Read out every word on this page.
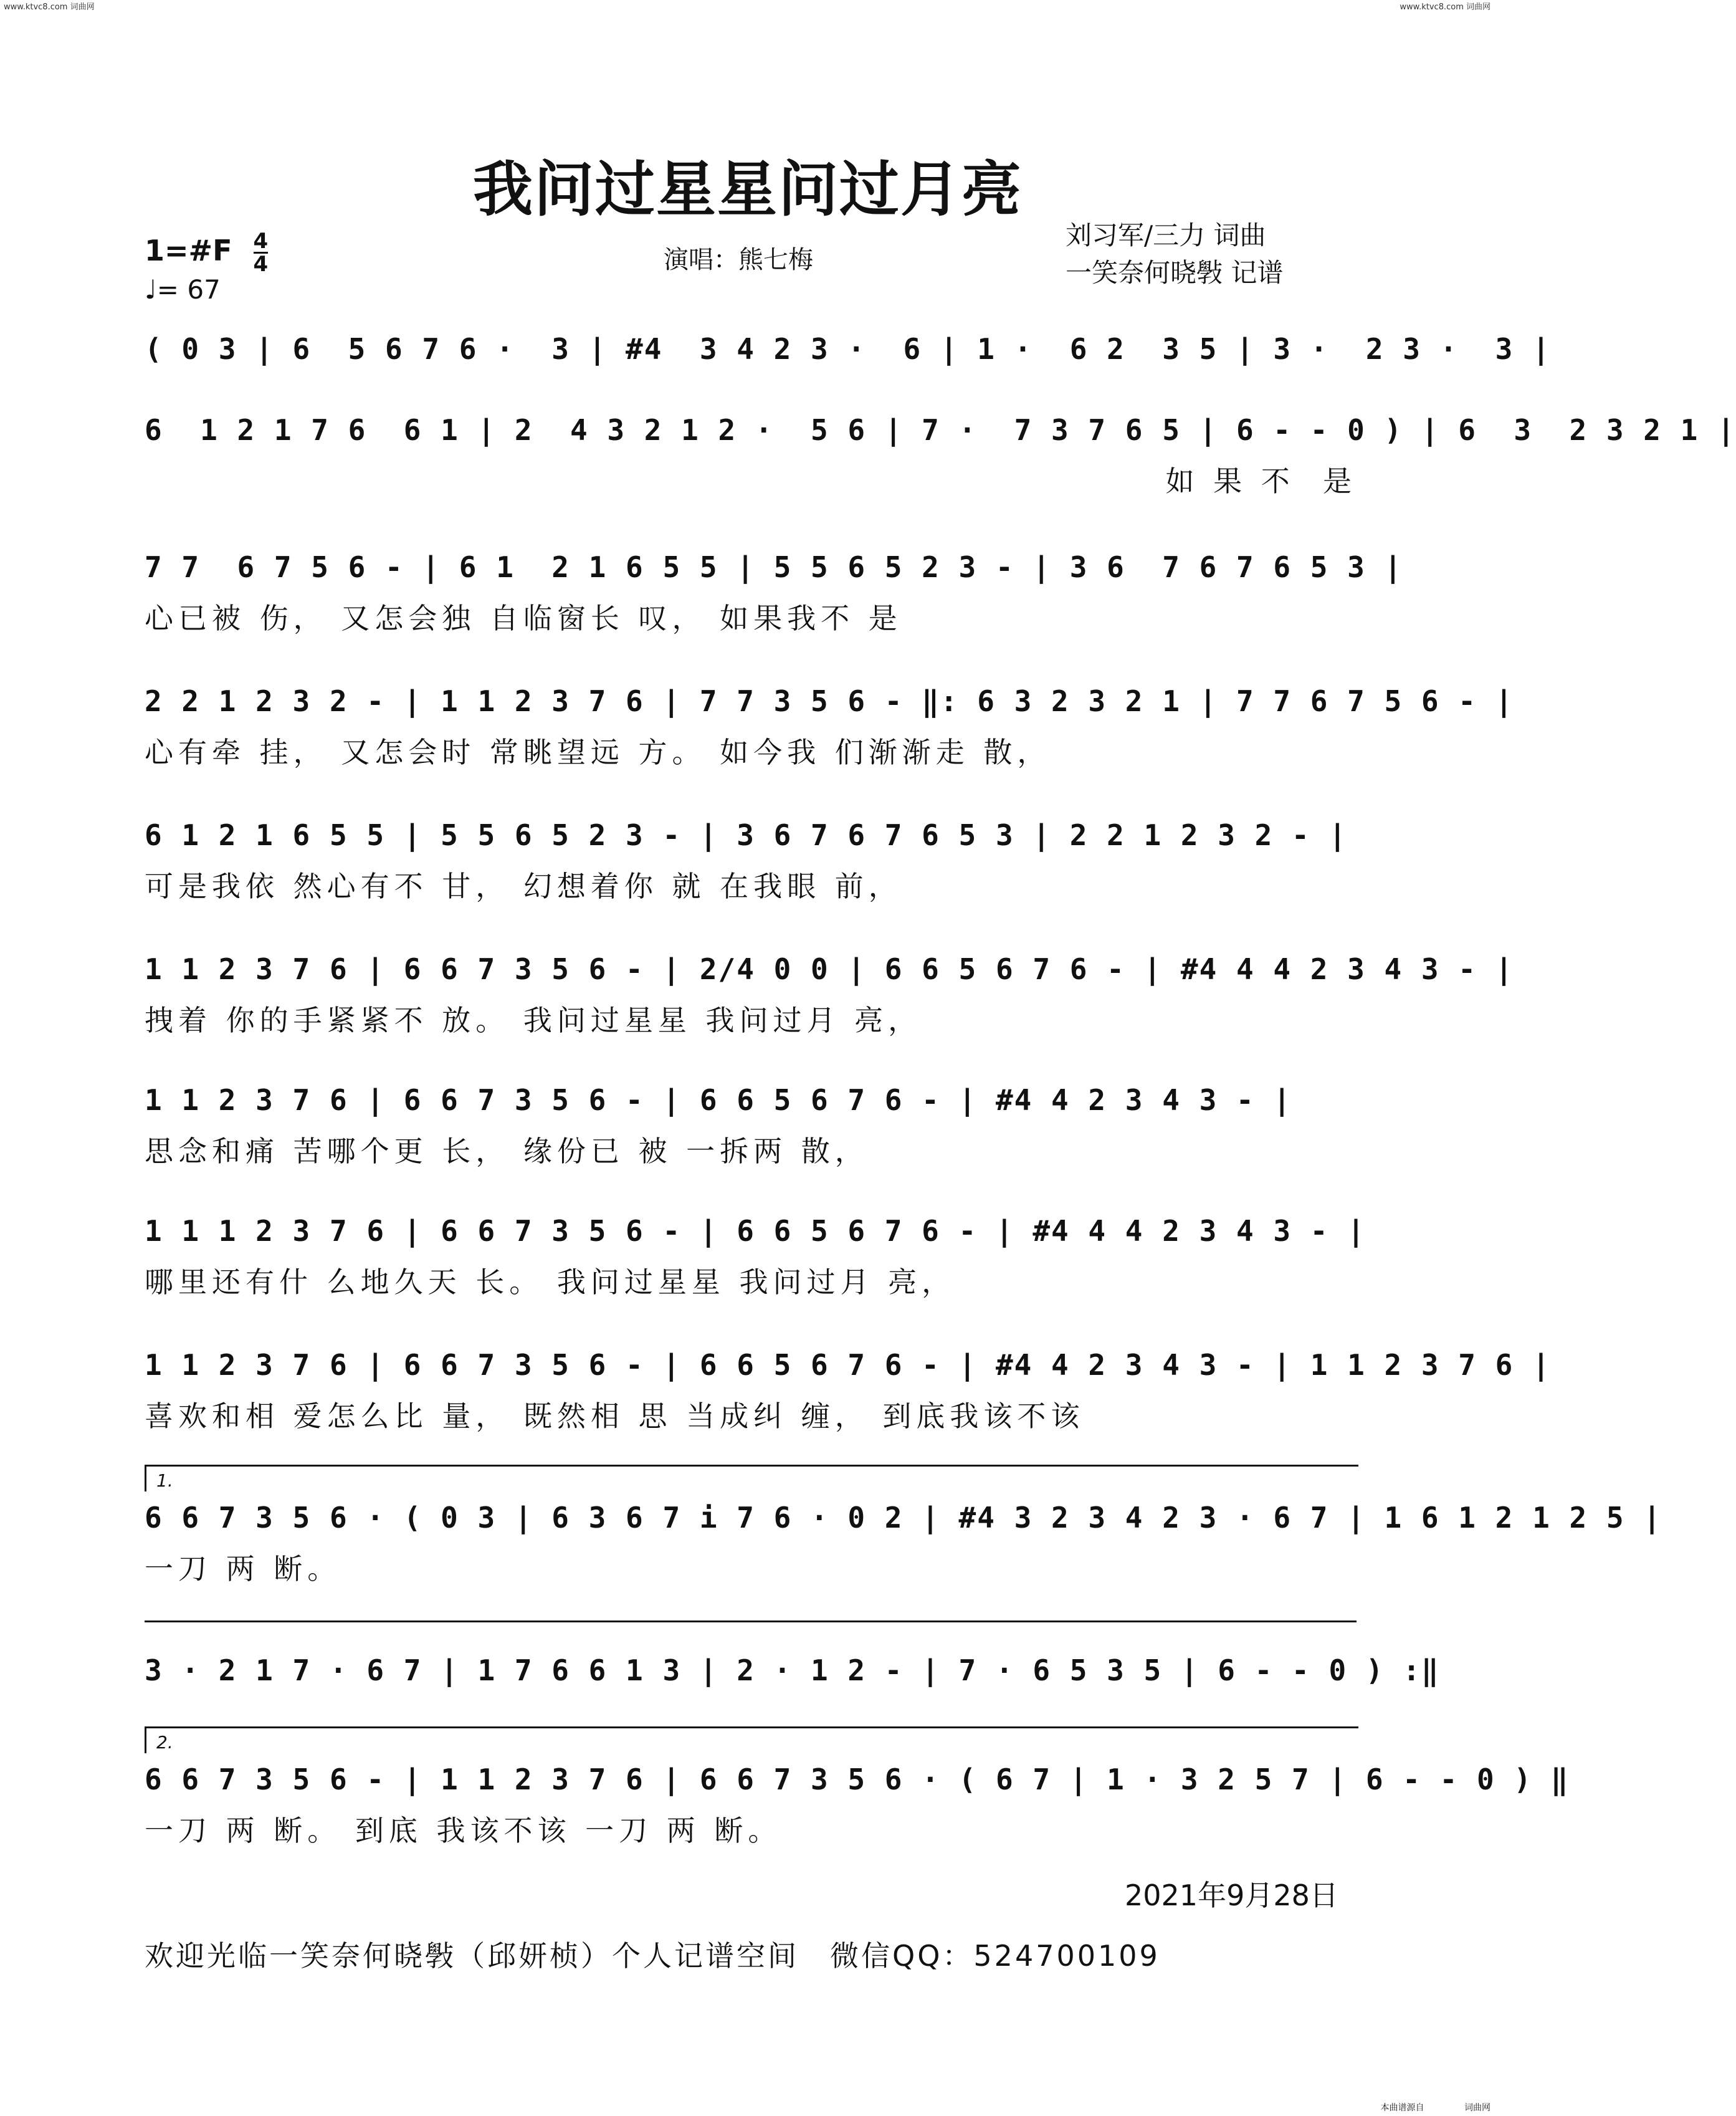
www.ktvc8.com 词曲网	www.ktvc8.com 词曲网
我问过星星问过月亮
1=#F $\frac{4}{4}$
♩= 67
演唱：熊七梅
刘习军/三力 词曲
一笑奈何晓斅 记谱
( 0 3 | 6  5 6 7 6 ·  3 | #4  3 4 2 3 ·  6 | 1 ·  6 2  3 5 | 3 ·  2 3 ·  3 |
6  1 2 1 7 6  6 1 | 2  4 3 2 1 2 ·  5 6 | 7 ·  7 3 7 6 5 | 6 - - 0 ) | 6  3  2 3 2 1 |
如 果 不  是
7 7  6 7 5 6 - | 6 1  2 1 6 5 5 | 5 5 6 5 2 3 - | 3 6  7 6 7 6 5 3 |
心已被 伤， 又怎会独 自临窗长 叹， 如果我不 是
2 2 1 2 3 2 - | 1 1 2 3 7 6 | 7 7 3 5 6 - ‖: 6 3 2 3 2 1 | 7 7 6 7 5 6 - |
心有牵 挂， 又怎会时 常眺望远 方。 如今我 们渐渐走 散，
6 1 2 1 6 5 5 | 5 5 6 5 2 3 - | 3 6 7 6 7 6 5 3 | 2 2 1 2 3 2 - |
可是我依 然心有不 甘， 幻想着你 就 在我眼 前，
1 1 2 3 7 6 | 6 6 7 3 5 6 - | 2/4 0 0 | 6 6 5 6 7 6 - | #4 4 4 2 3 4 3 - |
拽着 你的手紧紧不 放。 我问过星星 我问过月 亮，
1 1 2 3 7 6 | 6 6 7 3 5 6 - | 6 6 5 6 7 6 - | #4 4 2 3 4 3 - |
思念和痛 苦哪个更 长， 缘份已 被 一拆两 散，
1 1 1 2 3 7 6 | 6 6 7 3 5 6 - | 6 6 5 6 7 6 - | #4 4 4 2 3 4 3 - |
哪里还有什 么地久天 长。 我问过星星 我问过月 亮，
1 1 2 3 7 6 | 6 6 7 3 5 6 - | 6 6 5 6 7 6 - | #4 4 2 3 4 3 - | 1 1 2 3 7 6 |
喜欢和相 爱怎么比 量， 既然相 思 当成纠 缠， 到底我该不该
1.
6 6 7 3 5 6 · ( 0 3 | 6 3 6 7 i 7 6 · 0 2 | #4 3 2 3 4 2 3 · 6 7 | 1 6 1 2 1 2 5 |
一刀 两 断。
3 · 2 1 7 · 6 7 | 1 7 6 6 1 3 | 2 · 1 2 - | 7 · 6 5 3 5 | 6 - - 0 ) :‖
2.
6 6 7 3 5 6 - | 1 1 2 3 7 6 | 6 6 7 3 5 6 · ( 6 7 | 1 · 3 2 5 7 | 6 - - 0 ) ‖
一刀 两 断。 到底 我该不该 一刀 两 断。
2021年9月28日
欢迎光临一笑奈何晓斅（邱妍桢）个人记谱空间 微信QQ：524700109
本曲谱源自	词曲网
